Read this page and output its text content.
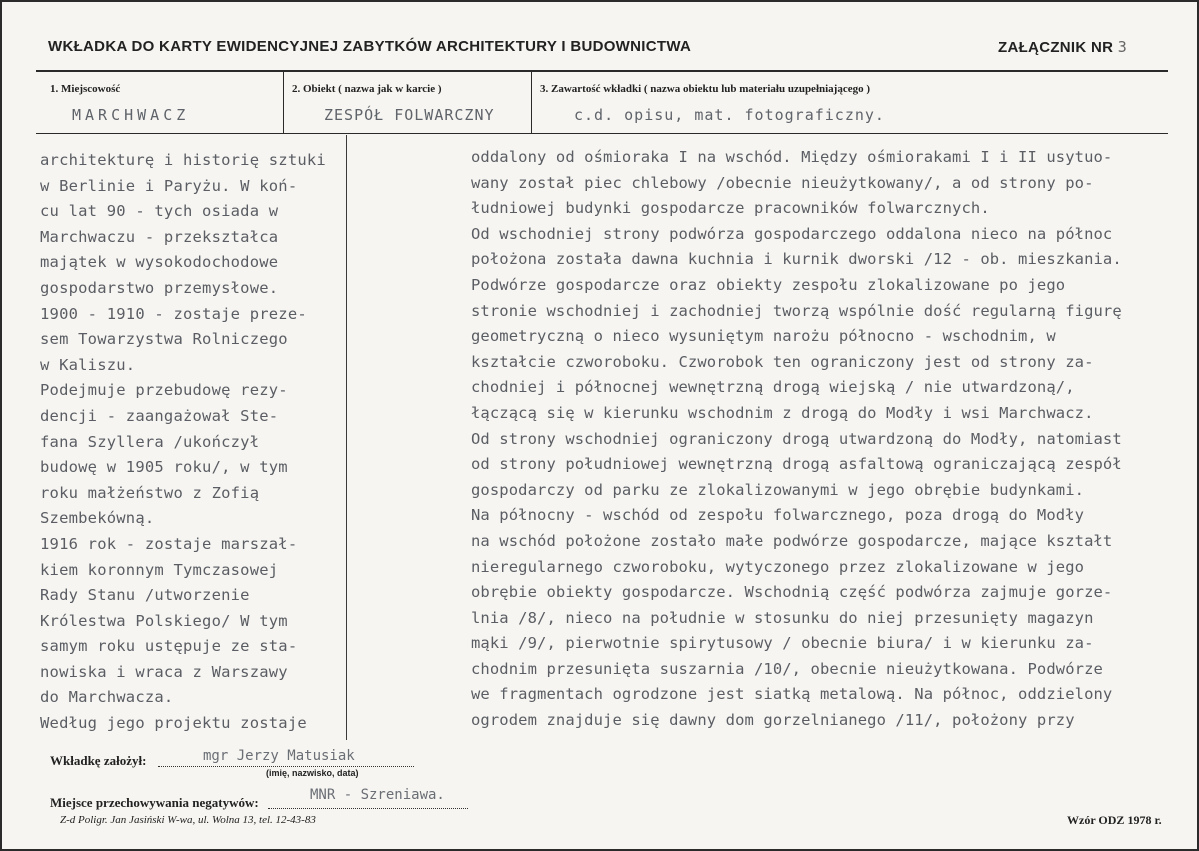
WKŁADKA DO KARTY EWIDENCYJNEJ ZABYTKÓW ARCHITEKTURY I BUDOWNICTWA	ZAŁĄCZNIK NR 3
1. Miejscowość	2. Obiekt ( nazwa jak w karcie )	3. Zawartość wkładki ( nazwa obiektu lub materiału uzupełniającego )
MARCHWACZ	ZESPÓŁ FOLWARCZNY	c.d. opisu, mat. fotograficzny.
architekturę i historię sztuki
w Berlinie i Paryżu. W koń-
cu lat 90 - tych osiada w
Marchwaczu - przekształca
majątek w wysokodochodowe
gospodarstwo przemysłowe.
1900 - 1910 - zostaje preze-
sem Towarzystwa Rolniczego
w Kaliszu.
Podejmuje przebudowę rezy-
dencji - zaangażował Ste-
fana Szyllera /ukończył
budowę w 1905 roku/, w tym
roku małżeństwo z Zofią
Szembekówną.
1916 rok - zostaje marszał-
kiem koronnym Tymczasowej
Rady Stanu /utworzenie
Królestwa Polskiego/ W tym
samym roku ustępuje ze sta-
nowiska i wraca z Warszawy
do Marchwacza.
Według jego projektu zostaje
oddalony od ośmioraka I na wschód. Między ośmiorakami I i II usytuo-
wany został piec chlebowy /obecnie nieużytkowany/, a od strony po-
łudniowej budynki gospodarcze pracowników folwarcznych.
Od wschodniej strony podwórza gospodarczego oddalona nieco na północ
położona została dawna kuchnia i kurnik dworski /12 - ob. mieszkania.
Podwórze gospodarcze oraz obiekty zespołu zlokalizowane po jego
stronie wschodniej i zachodniej tworzą wspólnie dość regularną figurę
geometryczną o nieco wysuniętym narożu północno - wschodnim, w
kształcie czworoboku. Czworobok ten ograniczony jest od strony za-
chodniej i północnej wewnętrzną drogą wiejską / nie utwardzoną/,
łączącą się w kierunku wschodnim z drogą do Modły i wsi Marchwacz.
Od strony wschodniej ograniczony drogą utwardzoną do Modły, natomiast
od strony południowej wewnętrzną drogą asfaltową ograniczającą zespół
gospodarczy od parku ze zlokalizowanymi w jego obrębie budynkami.
Na północny - wschód od zespołu folwarcznego, poza drogą do Modły
na wschód położone zostało małe podwórze gospodarcze, mające kształt
nieregularnego czworoboku, wytyczonego przez zlokalizowane w jego
obrębie obiekty gospodarcze. Wschodnią część podwórza zajmuje gorze-
lnia /8/, nieco na południe w stosunku do niej przesunięty magazyn
mąki /9/, pierwotnie spirytusowy / obecnie biura/ i w kierunku za-
chodnim przesunięta suszarnia /10/, obecnie nieużytkowana. Podwórze
we fragmentach ogrodzone jest siatką metalową. Na północ, oddzielony
ogrodem znajduje się dawny dom gorzelnianego /11/, położony przy
Wkładkę założył:	mgr Jerzy Matusiak
(imię, nazwisko, data)
Miejsce przechowywania negatywów:	MNR - Szreniawa.
Z-d Poligr. Jan Jasiński W-wa, ul. Wolna 13, tel. 12-43-83	Wzór ODZ 1978 r.
